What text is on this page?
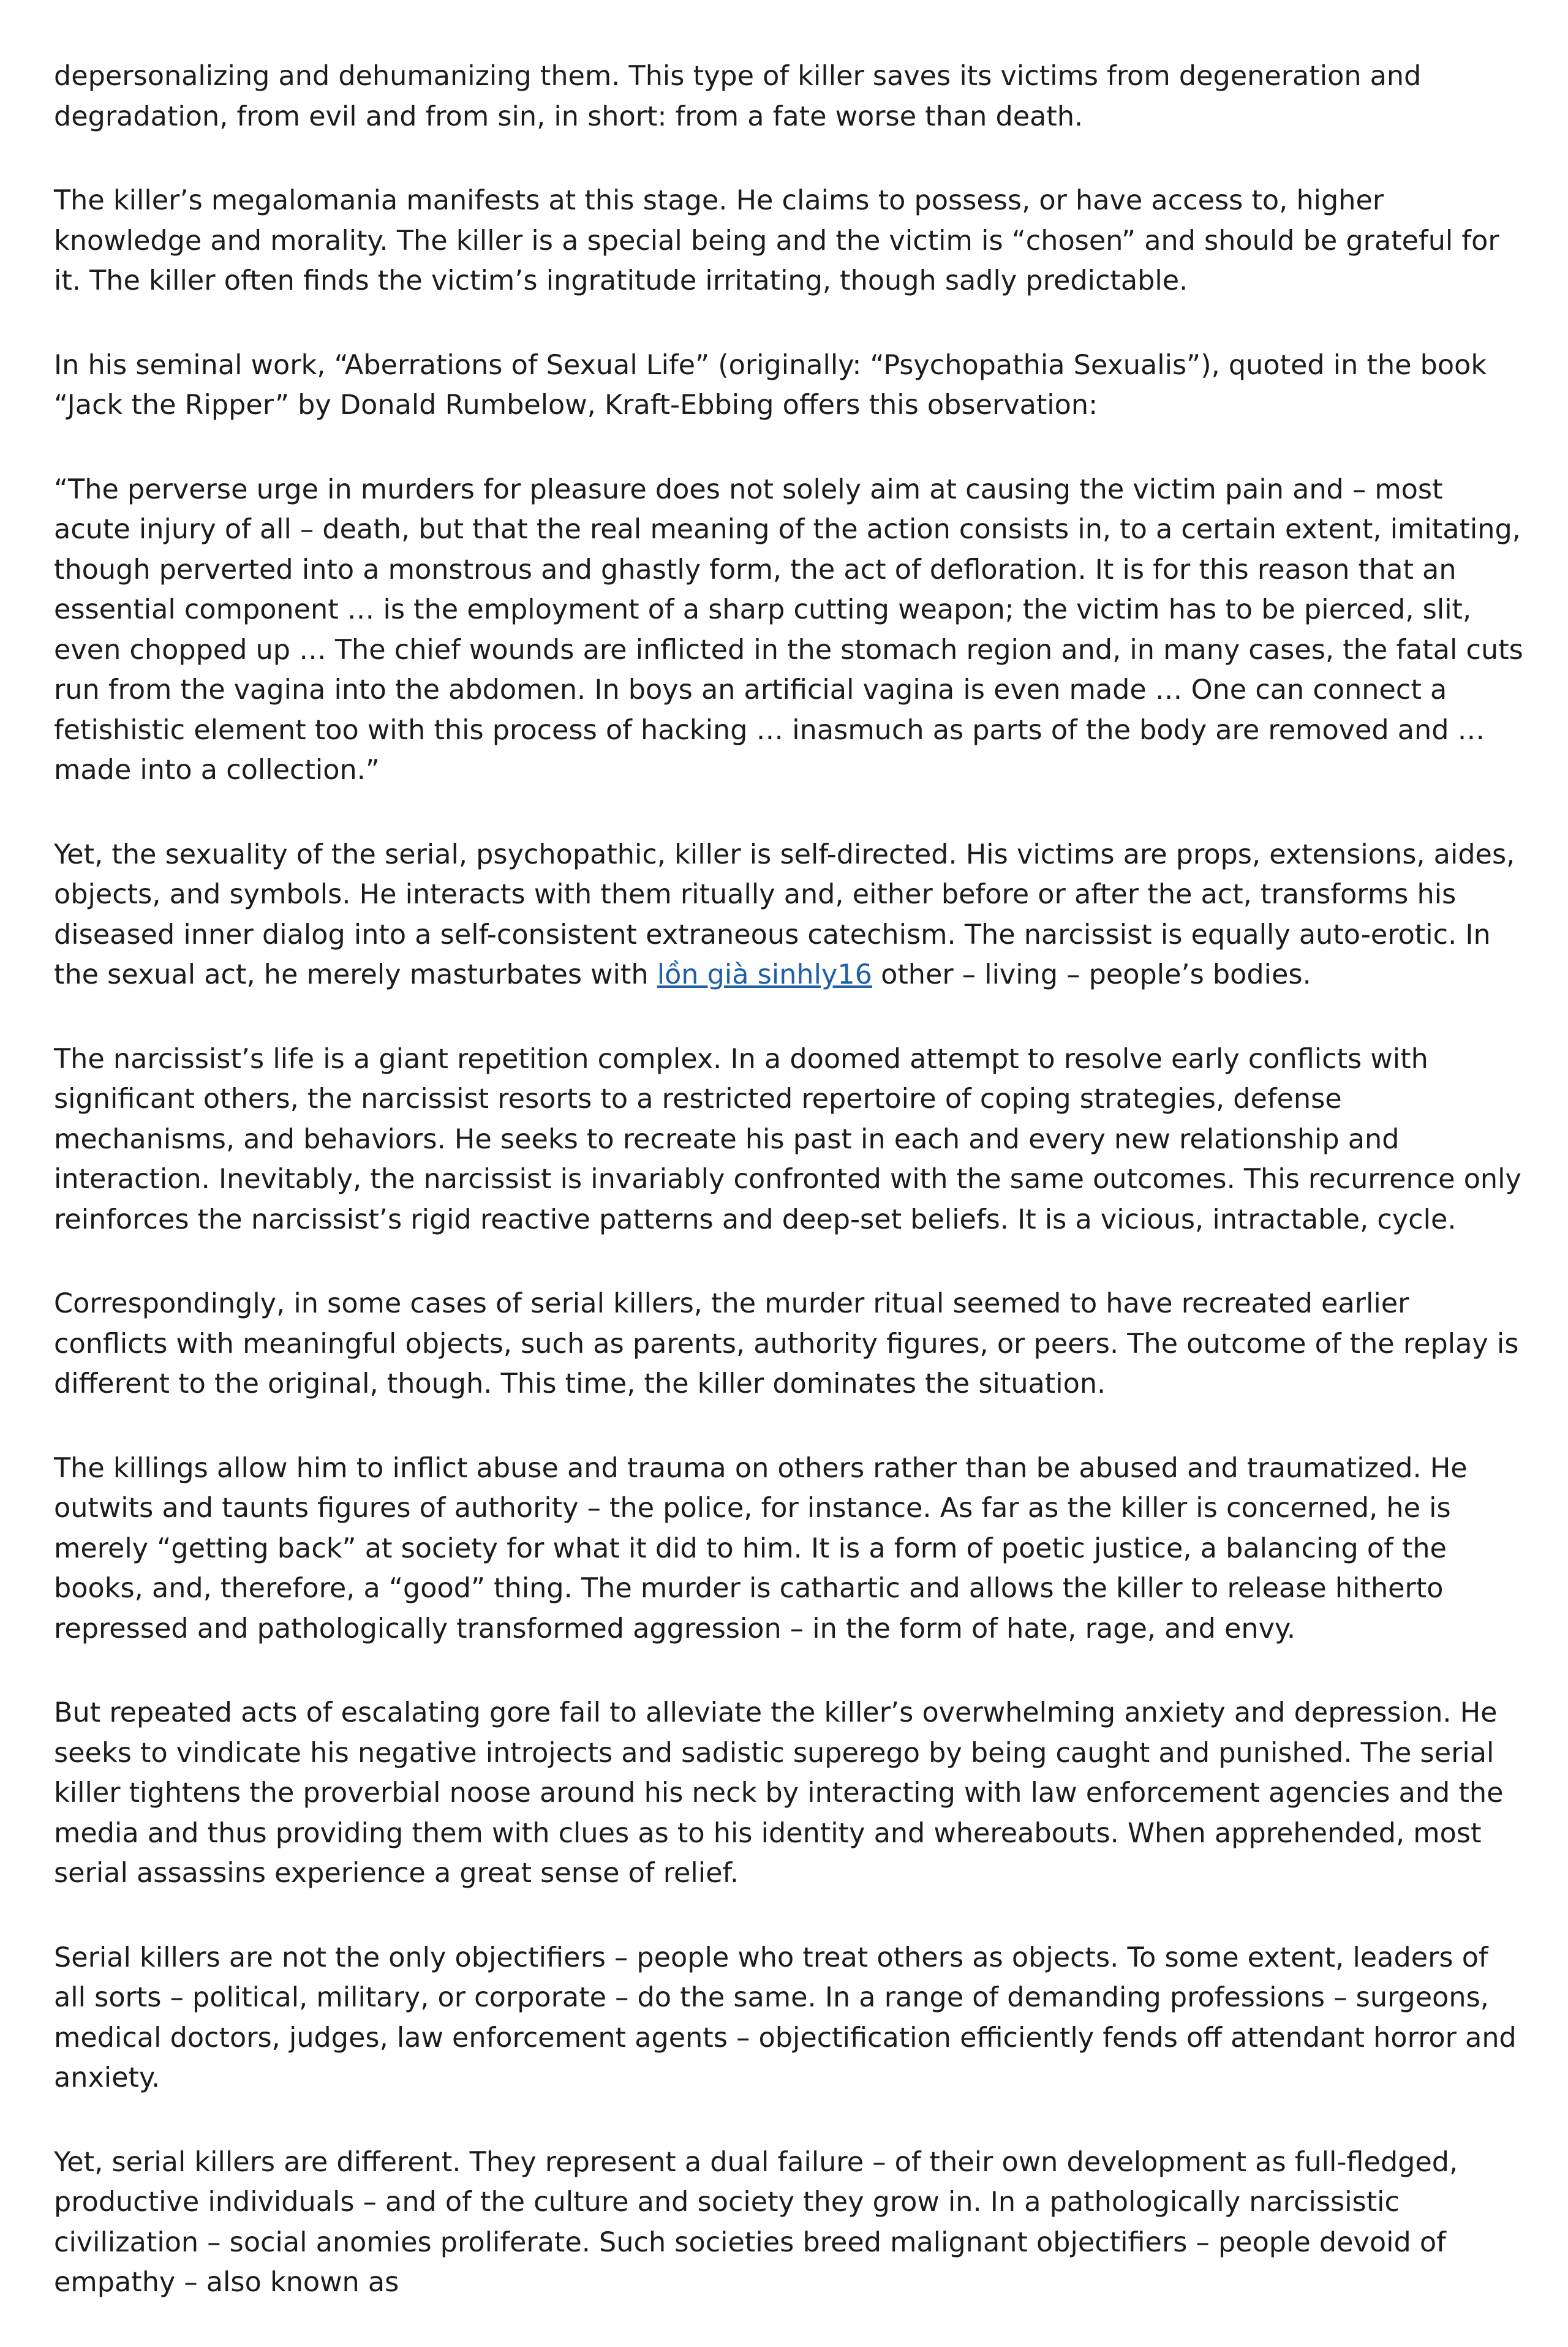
depersonalizing and dehumanizing them. This type of killer saves its victims from degeneration and degradation, from evil and from sin, in short: from a fate worse than death.

The killer’s megalomania manifests at this stage. He claims to possess, or have access to, higher knowledge and morality. The killer is a special being and the victim is “chosen” and should be grateful for it. The killer often finds the victim’s ingratitude irritating, though sadly predictable.

In his seminal work, “Aberrations of Sexual Life” (originally: “Psychopathia Sexualis”), quoted in the book “Jack the Ripper” by Donald Rumbelow, Kraft-Ebbing offers this observation:

“The perverse urge in murders for pleasure does not solely aim at causing the victim pain and – most acute injury of all – death, but that the real meaning of the action consists in, to a certain extent, imitating, though perverted into a monstrous and ghastly form, the act of defloration. It is for this reason that an essential component … is the employment of a sharp cutting weapon; the victim has to be pierced, slit, even chopped up … The chief wounds are inflicted in the stomach region and, in many cases, the fatal cuts run from the vagina into the abdomen. In boys an artificial vagina is even made … One can connect a fetishistic element too with this process of hacking … inasmuch as parts of the body are removed and … made into a collection.”

Yet, the sexuality of the serial, psychopathic, killer is self-directed. His victims are props, extensions, aides, objects, and symbols. He interacts with them ritually and, either before or after the act, transforms his diseased inner dialog into a self-consistent extraneous catechism. The narcissist is equally auto-erotic. In the sexual act, he merely masturbates with lồn già sinhly16 other – living – people’s bodies.

The narcissist’s life is a giant repetition complex. In a doomed attempt to resolve early conflicts with significant others, the narcissist resorts to a restricted repertoire of coping strategies, defense mechanisms, and behaviors. He seeks to recreate his past in each and every new relationship and interaction. Inevitably, the narcissist is invariably confronted with the same outcomes. This recurrence only reinforces the narcissist’s rigid reactive patterns and deep-set beliefs. It is a vicious, intractable, cycle.

Correspondingly, in some cases of serial killers, the murder ritual seemed to have recreated earlier conflicts with meaningful objects, such as parents, authority figures, or peers. The outcome of the replay is different to the original, though. This time, the killer dominates the situation.

The killings allow him to inflict abuse and trauma on others rather than be abused and traumatized. He outwits and taunts figures of authority – the police, for instance. As far as the killer is concerned, he is merely “getting back” at society for what it did to him. It is a form of poetic justice, a balancing of the books, and, therefore, a “good” thing. The murder is cathartic and allows the killer to release hitherto repressed and pathologically transformed aggression – in the form of hate, rage, and envy.

But repeated acts of escalating gore fail to alleviate the killer’s overwhelming anxiety and depression. He seeks to vindicate his negative introjects and sadistic superego by being caught and punished. The serial killer tightens the proverbial noose around his neck by interacting with law enforcement agencies and the media and thus providing them with clues as to his identity and whereabouts. When apprehended, most serial assassins experience a great sense of relief.

Serial killers are not the only objectifiers – people who treat others as objects. To some extent, leaders of all sorts – political, military, or corporate – do the same. In a range of demanding professions – surgeons, medical doctors, judges, law enforcement agents – objectification efficiently fends off attendant horror and anxiety.

Yet, serial killers are different. They represent a dual failure – of their own development as full-fledged, productive individuals – and of the culture and society they grow in. In a pathologically narcissistic civilization – social anomies proliferate. Such societies breed malignant objectifiers – people devoid of empathy – also known as
